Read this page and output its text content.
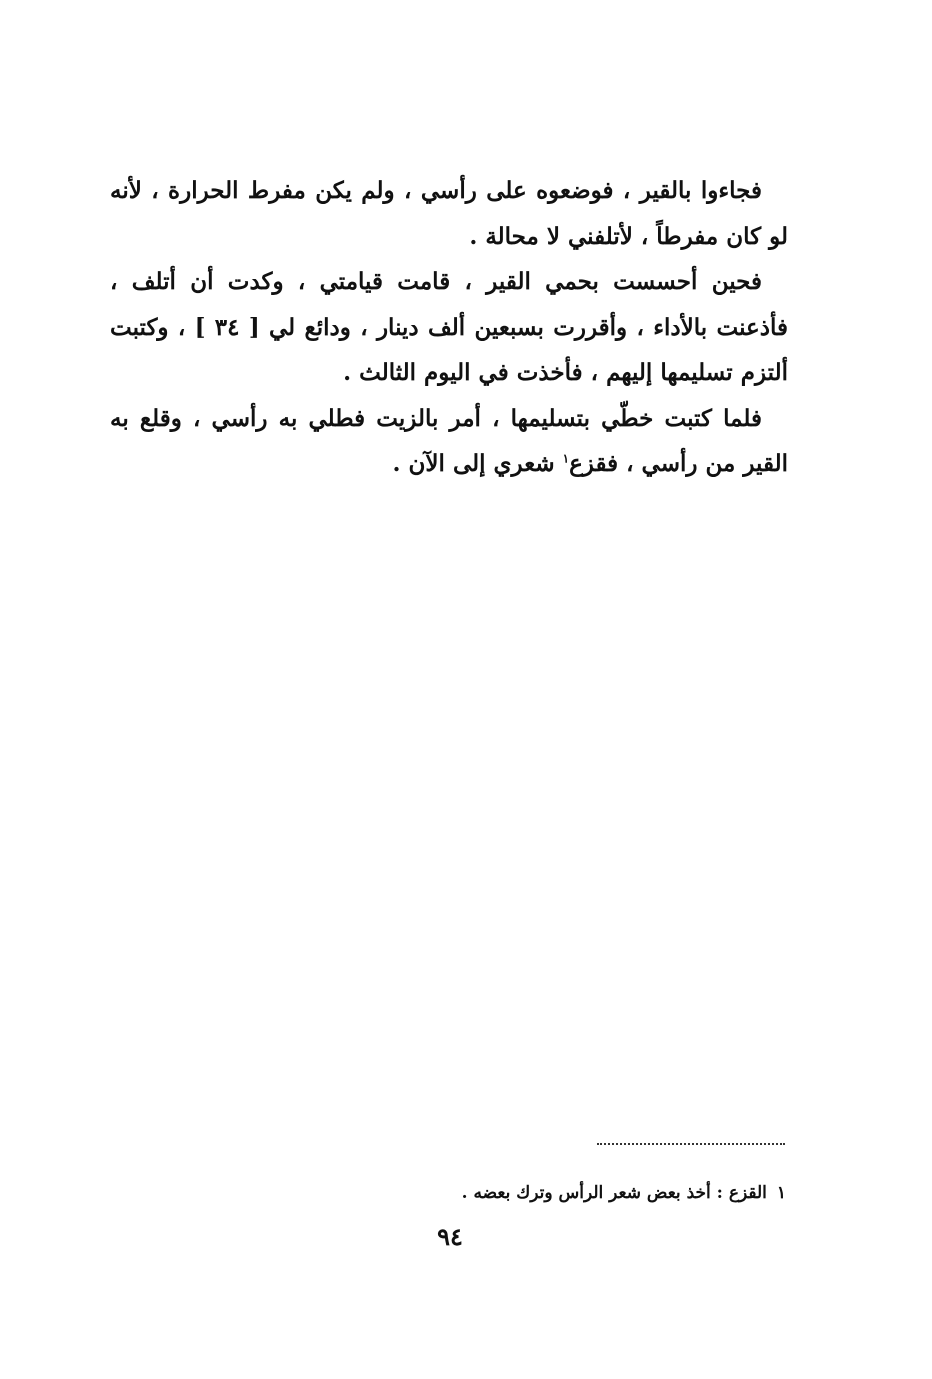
فجاءوا بالقير ، فوضعوه على رأسي ، ولم يكن مفرط الحرارة ، لأنه لو كان مفرطاً ، لأتلفني لا محالة .

فحين أحسست بحمي القير ، قامت قيامتي ، وكدت أن أتلف ، فأذعنت بالأداء ، وأقررت بسبعين ألف دينار ، ودائع لي [ ٣٤ ] ، وكتبت ألتزم تسليمها إليهم ، فأخذت في اليوم الثالث .

فلما كتبت خطّي بتسليمها ، أمر بالزيت فطلي به رأسي ، وقلع به القير من رأسي ، فقزع$^١$ شعري إلى الآن .

١القزع : أخذ بعض شعر الرأس وترك بعضه .
٩٤
